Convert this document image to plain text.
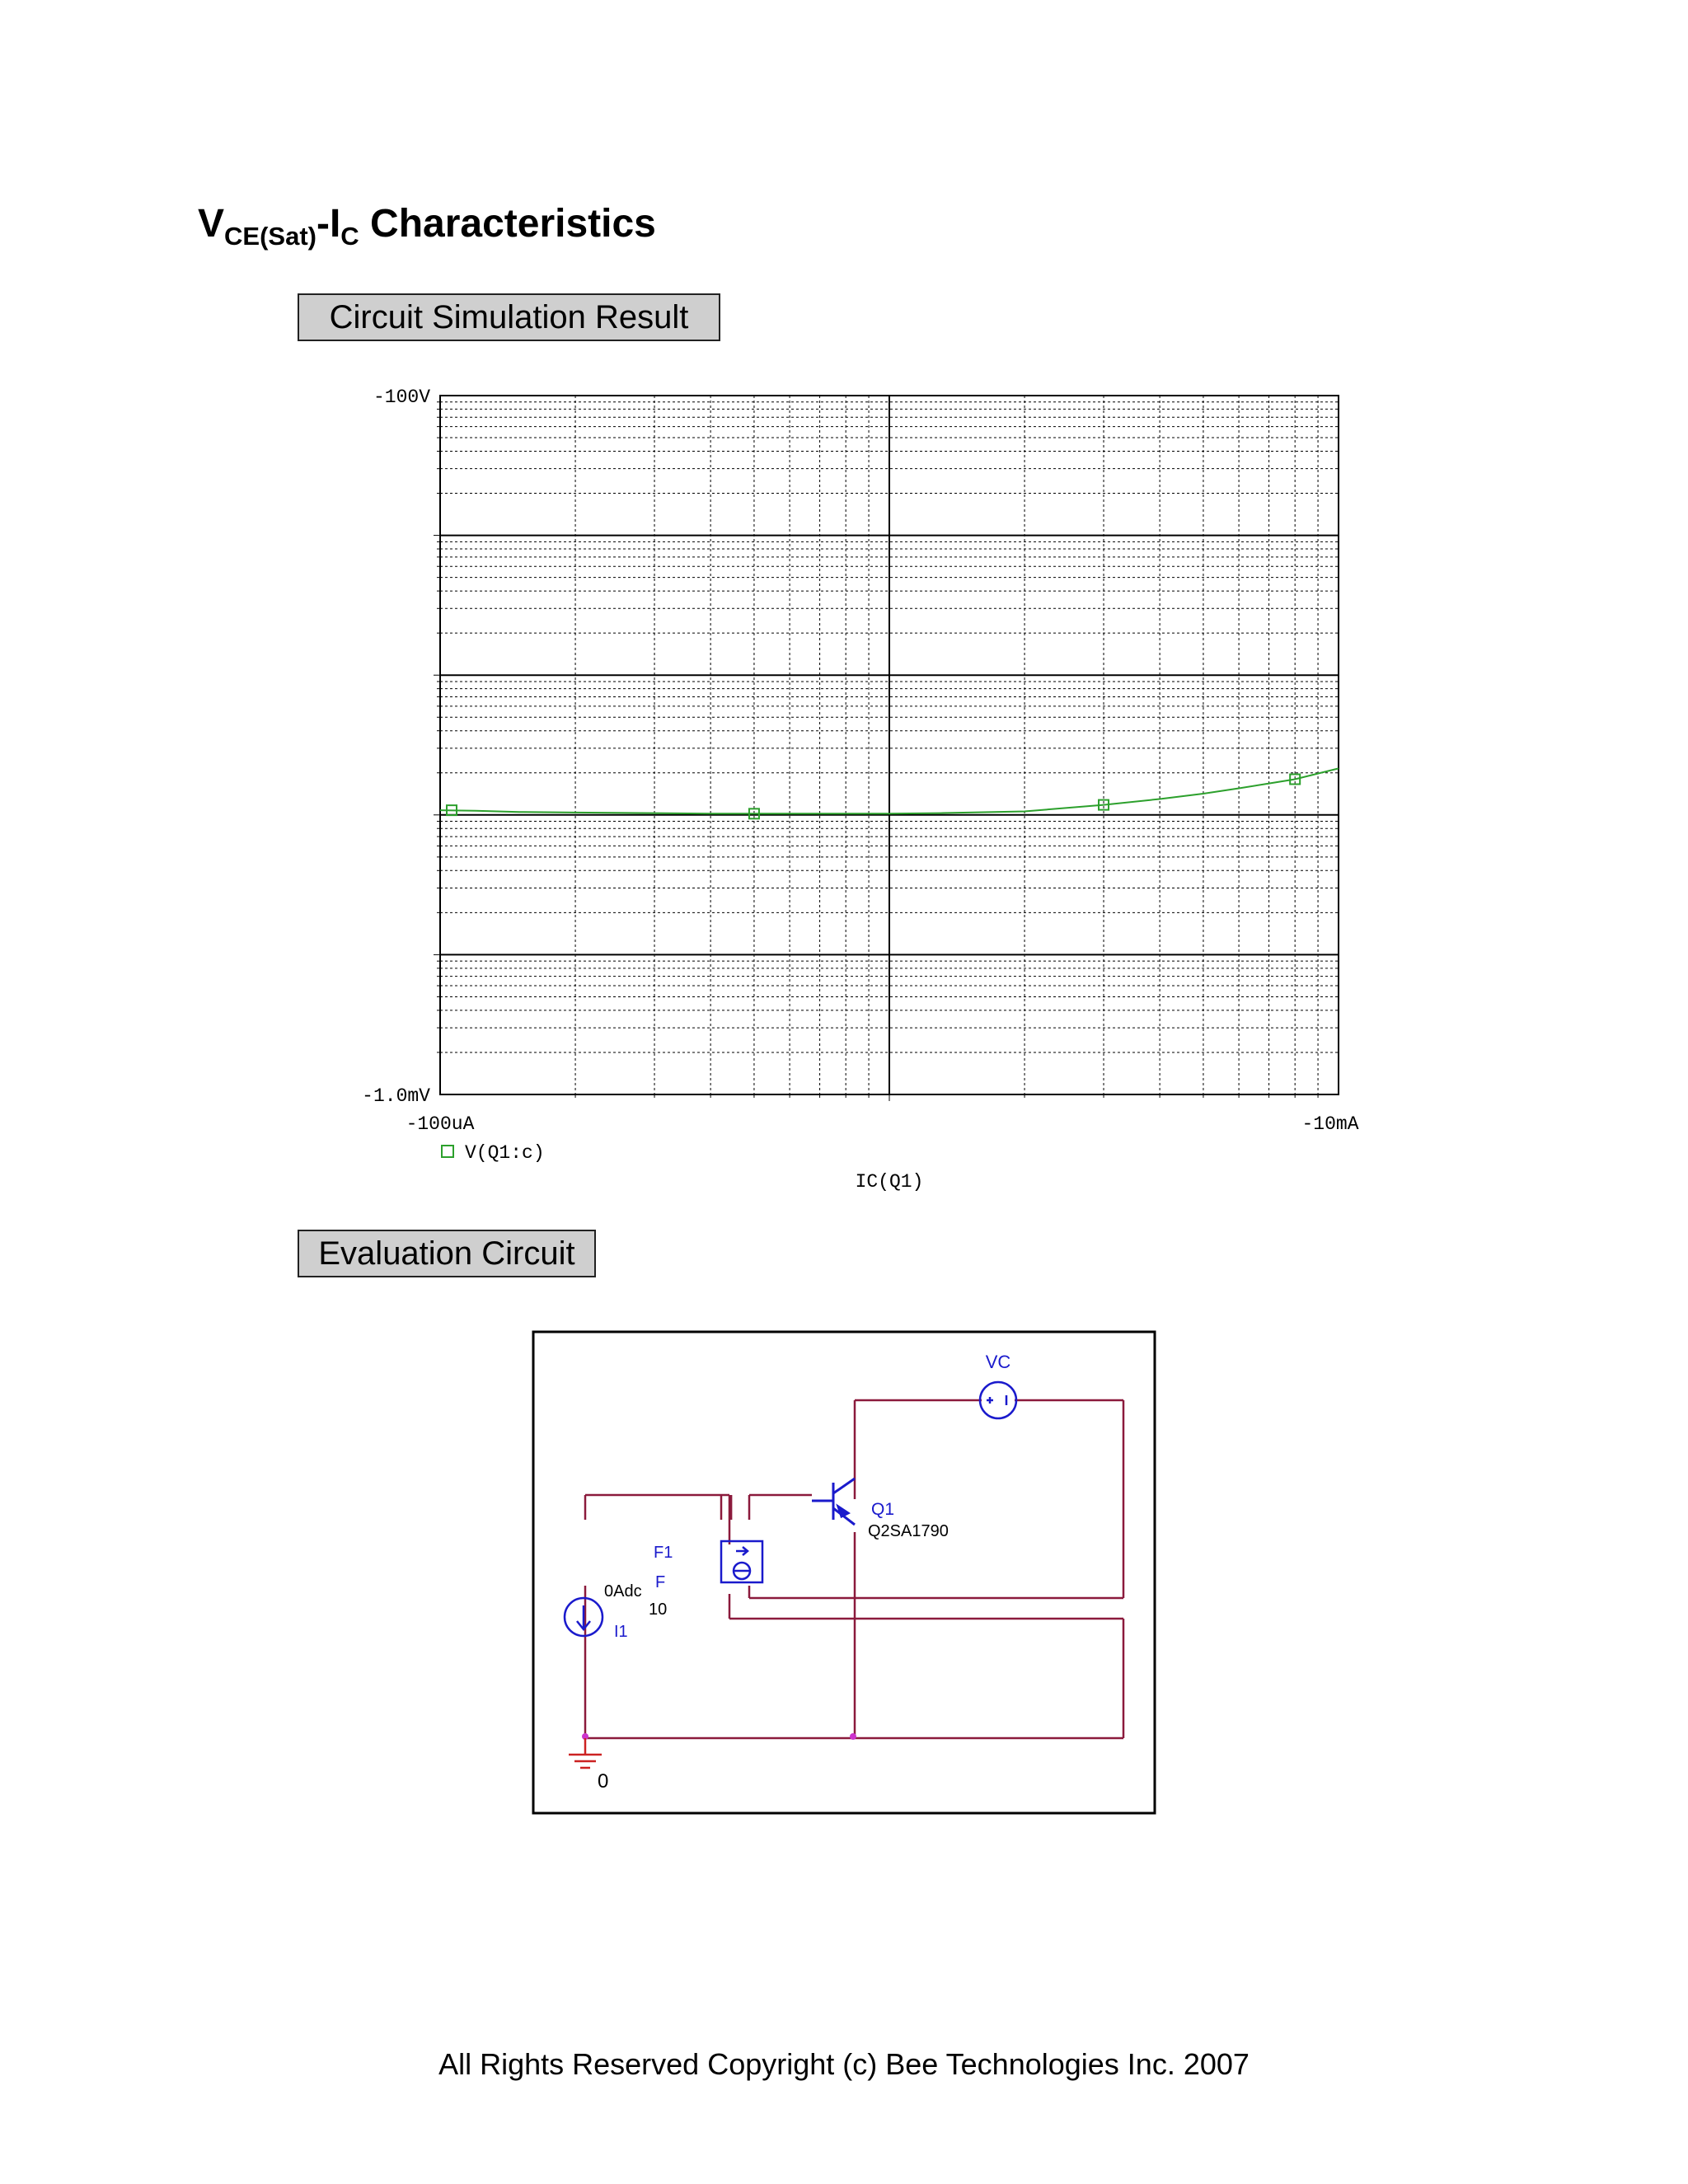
$V_{CE(Sat)}-I_C$ Characteristics
Circuit Simulation Result
-100V
-1.0mV
-100uA	-10mA
V(Q1:c)
IC(Q1)
Evaluation Circuit
VC
Q1
Q2SA1790
F1
F
10
0Adc
I1
0
All Rights Reserved Copyright (c) Bee Technologies Inc. 2007
